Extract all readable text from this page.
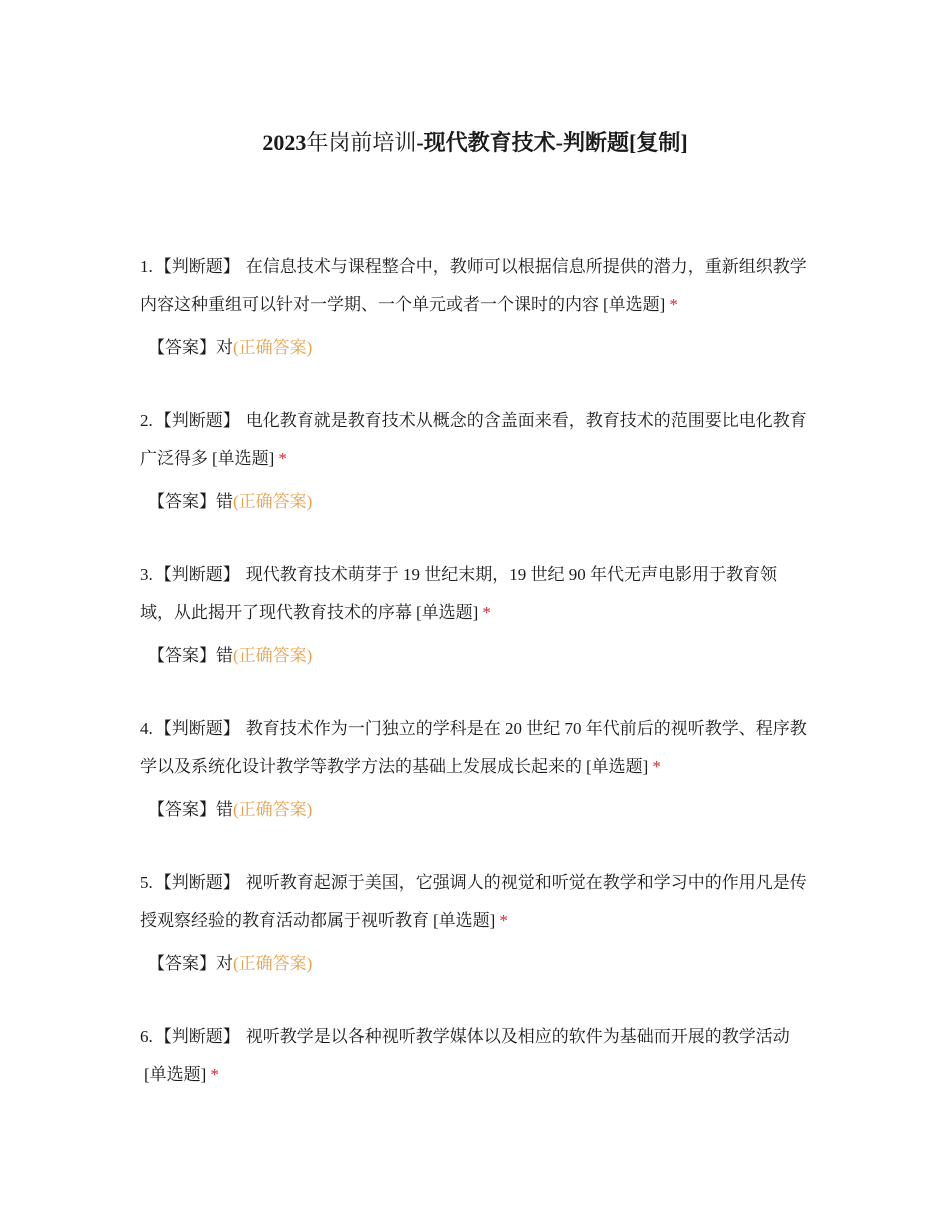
2023年岗前培训-现代教育技术-判断题[复制]

1. 【判断题】 在信息技术与课程整合中，教师可以根据信息所提供的潜力，重新组织教学内容这种重组可以针对一学期、一个单元或者一个课时的内容 [单选题] *

【答案】对(正确答案)

2. 【判断题】 电化教育就是教育技术从概念的含盖面来看，教育技术的范围要比电化教育广泛得多 [单选题] *

【答案】错(正确答案)

3. 【判断题】 现代教育技术萌芽于 19 世纪末期，19 世纪 90 年代无声电影用于教育领域，从此揭开了现代教育技术的序幕 [单选题] *

【答案】错(正确答案)

4. 【判断题】 教育技术作为一门独立的学科是在 20 世纪 70 年代前后的视听教学、程序教学以及系统化设计教学等教学方法的基础上发展成长起来的 [单选题] *

【答案】错(正确答案)

5. 【判断题】 视听教育起源于美国，它强调人的视觉和听觉在教学和学习中的作用凡是传授观察经验的教育活动都属于视听教育 [单选题] *

【答案】对(正确答案)

6. 【判断题】 视听教学是以各种视听教学媒体以及相应的软件为基础而开展的教学活动[单选题] *
